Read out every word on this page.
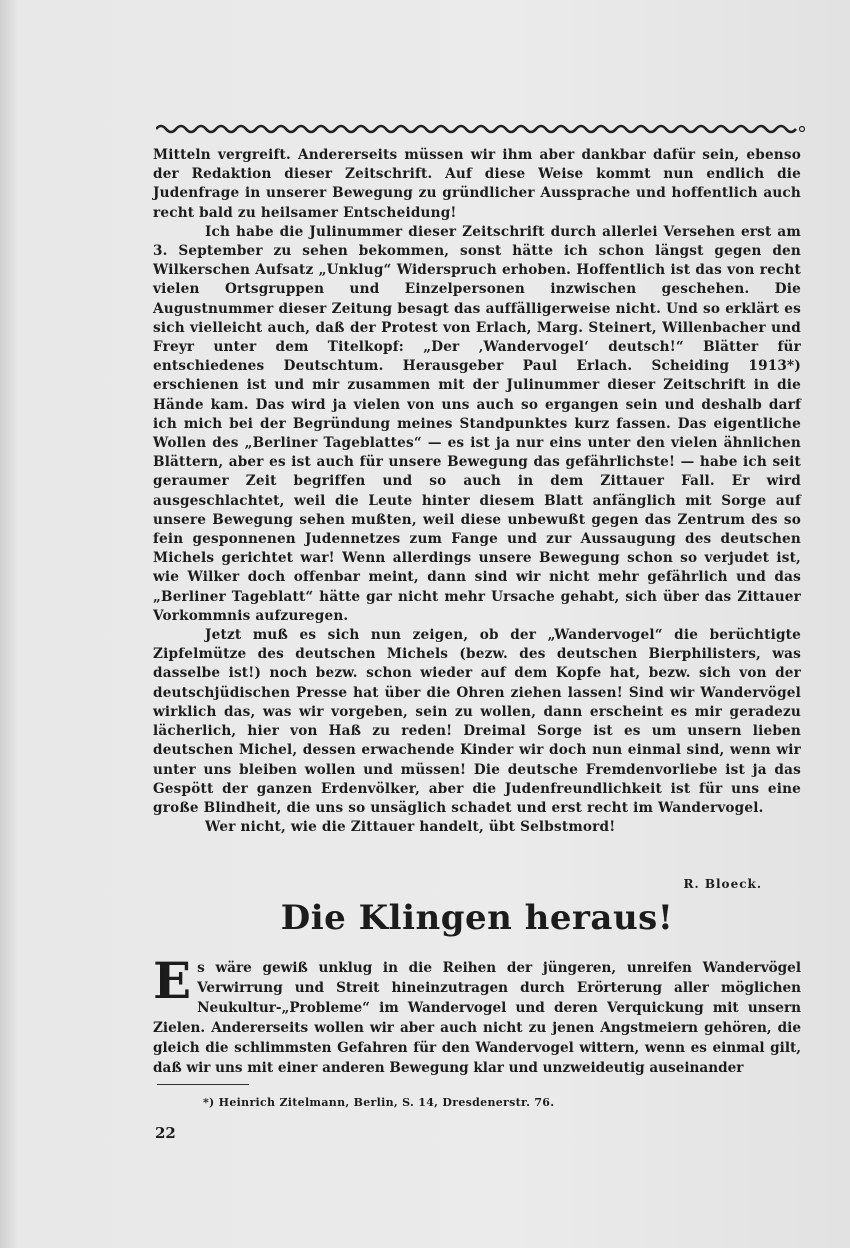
Mitteln vergreift. Andererseits müssen wir ihm aber dankbar dafür sein, ebenso der Redaktion dieser Zeitschrift. Auf diese Weise kommt nun endlich die Judenfrage in unserer Bewegung zu gründlicher Aussprache und hoffentlich auch recht bald zu heilsamer Entscheidung!

Ich habe die Julinummer dieser Zeitschrift durch allerlei Versehen erst am 3. September zu sehen bekommen, sonst hätte ich schon längst gegen den Wilkerschen Aufsatz „Unklug“ Widerspruch erhoben. Hoffentlich ist das von recht vielen Ortsgruppen und Einzelpersonen inzwischen geschehen. Die Augustnummer dieser Zeitung besagt das auffälligerweise nicht. Und so erklärt es sich vielleicht auch, daß der Protest von Erlach, Marg. Steinert, Willenbacher und Freyr unter dem Titelkopf: „Der ‚Wandervogel‘ deutsch!“ Blätter für entschiedenes Deutschtum. Herausgeber Paul Erlach. Scheiding 1913*) erschienen ist und mir zusammen mit der Julinummer dieser Zeitschrift in die Hände kam. Das wird ja vielen von uns auch so ergangen sein und deshalb darf ich mich bei der Begründung meines Standpunktes kurz fassen. Das eigentliche Wollen des „Berliner Tageblattes“ — es ist ja nur eins unter den vielen ähnlichen Blättern, aber es ist auch für unsere Bewegung das gefährlichste! — habe ich seit geraumer Zeit begriffen und so auch in dem Zittauer Fall. Er wird ausgeschlachtet, weil die Leute hinter diesem Blatt anfänglich mit Sorge auf unsere Bewegung sehen mußten, weil diese unbewußt gegen das Zentrum des so fein gesponnenen Judennetzes zum Fange und zur Aussaugung des deutschen Michels gerichtet war! Wenn allerdings unsere Bewegung schon so verjudet ist, wie Wilker doch offenbar meint, dann sind wir nicht mehr gefährlich und das „Berliner Tageblatt“ hätte gar nicht mehr Ursache gehabt, sich über das Zittauer Vorkommnis aufzuregen.

Jetzt muß es sich nun zeigen, ob der „Wandervogel“ die berüchtigte Zipfelmütze des deutschen Michels (bezw. des deutschen Bierphilisters, was dasselbe ist!) noch bezw. schon wieder auf dem Kopfe hat, bezw. sich von der deutschjüdischen Presse hat über die Ohren ziehen lassen! Sind wir Wandervögel wirklich das, was wir vorgeben, sein zu wollen, dann erscheint es mir geradezu lächerlich, hier von Haß zu reden! Dreimal Sorge ist es um unsern lieben deutschen Michel, dessen erwachende Kinder wir doch nun einmal sind, wenn wir unter uns bleiben wollen und müssen! Die deutsche Fremdenvorliebe ist ja das Gespött der ganzen Erdenvölker, aber die Judenfreundlichkeit ist für uns eine große Blindheit, die uns so unsäglich schadet und erst recht im Wandervogel.

Wer nicht, wie die Zittauer handelt, übt Selbstmord!

R. Bloeck.
Die Klingen heraus!
E s wäre gewiß unklug in die Reihen der jüngeren, unreifen Wandervögel Verwirrung und Streit hineinzutragen durch Erörterung aller möglichen Neukultur-„Probleme“ im Wandervogel und deren Verquickung mit unsern Zielen. Andererseits wollen wir aber auch nicht zu jenen Angstmeiern gehören, die gleich die schlimmsten Gefahren für den Wandervogel wittern, wenn es einmal gilt, daß wir uns mit einer anderen Bewegung klar und unzweideutig auseinander
*) Heinrich Zitelmann, Berlin, S. 14, Dresdenerstr. 76.
22
